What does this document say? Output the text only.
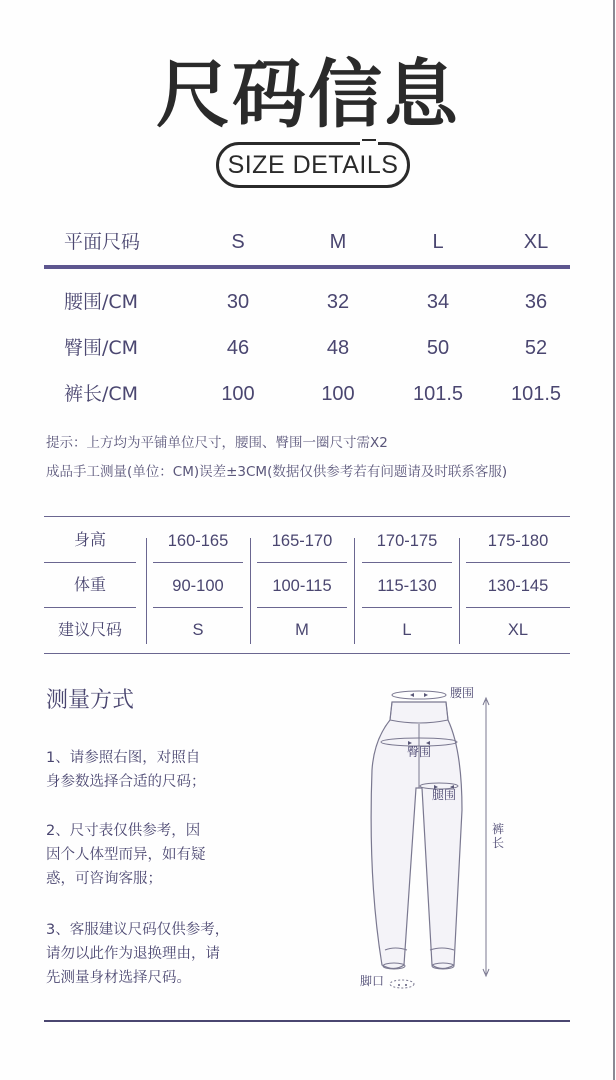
尺码信息
SIZE DETAILS
平面尺码	S	M	L	XL
腰围/CM	30	32	34	36
臀围/CM	46	48	50	52
裤长/CM	100	100	101.5	101.5
提示：上方均为平铺单位尺寸，腰围、臀围一圈尺寸需X2
成品手工测量(单位：CM)误差±3CM(数据仅供参考若有问题请及时联系客服)
身高	160-165	165-170	170-175	175-180
体重	90-100	100-115	115-130	130-145
建议尺码	S	M	L	XL
测量方式
1、请参照右图，对照自
身参数选择合适的尺码；
2、尺寸表仅供参考，因
因个人体型而异，如有疑
惑，可咨询客服；
3、客服建议尺码仅供参考，
请勿以此作为退换理由，请
先测量身材选择尺码。
腰围
臀围
腿围
裤
长
脚口
